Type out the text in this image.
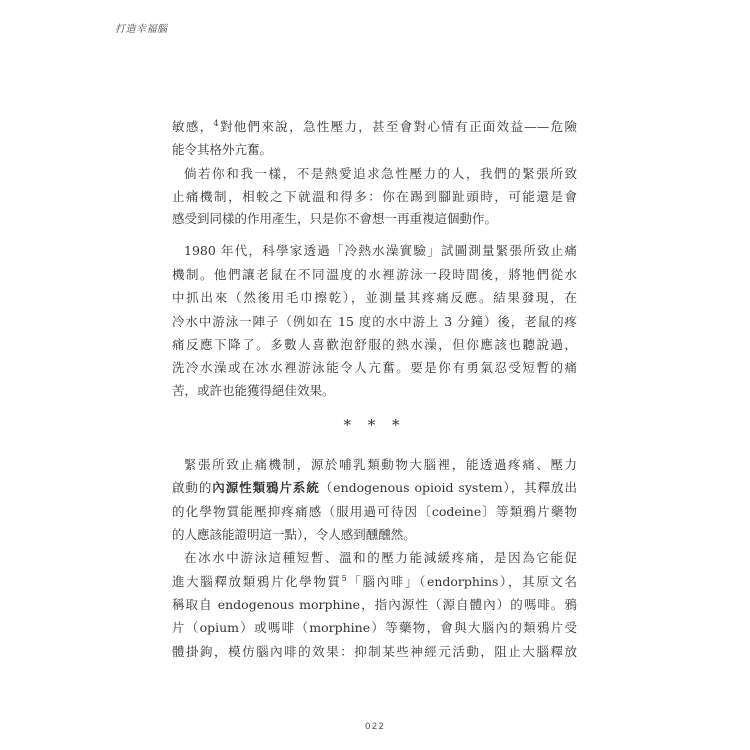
打造幸福腦
敏感，$^4$對他們來說，急性壓力，甚至會對心情有正面效益——危險
能令其格外亢奮。
倘若你和我一樣，不是熱愛追求急性壓力的人，我們的緊張所致
止痛機制，相較之下就溫和得多：你在踢到腳趾頭時，可能還是會
感受到同樣的作用產生，只是你不會想一再重複這個動作。
1980 年代，科學家透過「冷熱水澡實驗」試圖測量緊張所致止痛
機制。他們讓老鼠在不同溫度的水裡游泳一段時間後，將牠們從水
中抓出來（然後用毛巾擦乾），並測量其疼痛反應。結果發現，在
冷水中游泳一陣子（例如在 15 度的水中游上 3 分鐘）後，老鼠的疼
痛反應下降了。多數人喜歡泡舒服的熱水澡，但你應該也聽說過，
洗冷水澡或在冰水裡游泳能令人亢奮。要是你有勇氣忍受短暫的痛
苦，或許也能獲得絕佳效果。
* * *
緊張所致止痛機制，源於哺乳類動物大腦裡，能透過疼痛、壓力
啟動的內源性類鴉片系統（endogenous opioid system），其釋放出
的化學物質能壓抑疼痛感（服用過可待因〔codeine〕等類鴉片藥物
的人應該能證明這一點），令人感到醺醺然。
在冰水中游泳這種短暫、溫和的壓力能減緩疼痛，是因為它能促
進大腦釋放類鴉片化學物質$^5$「腦內啡」（endorphins），其原文名
稱取自 endogenous morphine，指內源性（源自體內）的嗎啡。鴉
片（opium）或嗎啡（morphine）等藥物，會與大腦內的類鴉片受
體掛鉤，模仿腦內啡的效果：抑制某些神經元活動，阻止大腦釋放
022
